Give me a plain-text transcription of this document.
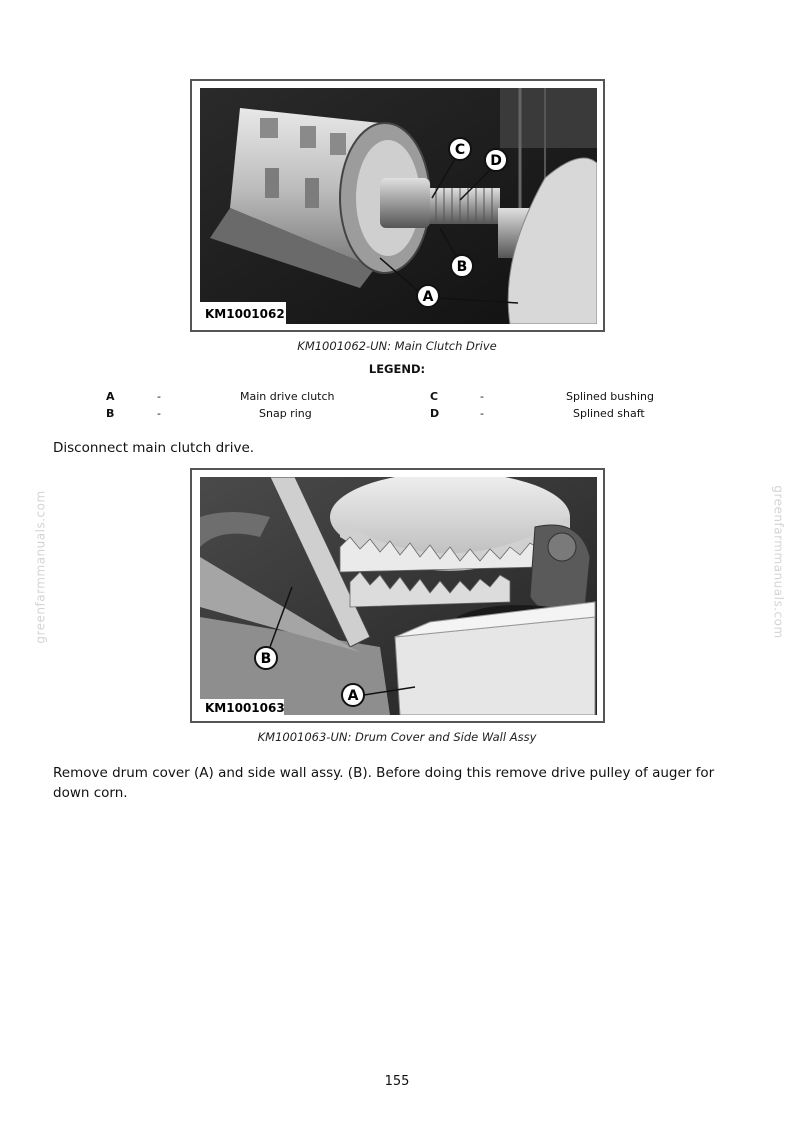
greenfarmmanuals.com	greenfarmmanuals.com
C
D
B
A
KM1001062
KM1001062-UN: Main Clutch Drive
LEGEND:
A	-	Main drive clutch	C	-	Splined bushing
B	-	Snap ring	D	-	Splined shaft
Disconnect main clutch drive.
B
A
KM1001063
KM1001063-UN: Drum Cover and Side Wall Assy
Remove drum cover (A) and side wall assy. (B). Before doing this remove drive pulley of auger for down corn.
155
